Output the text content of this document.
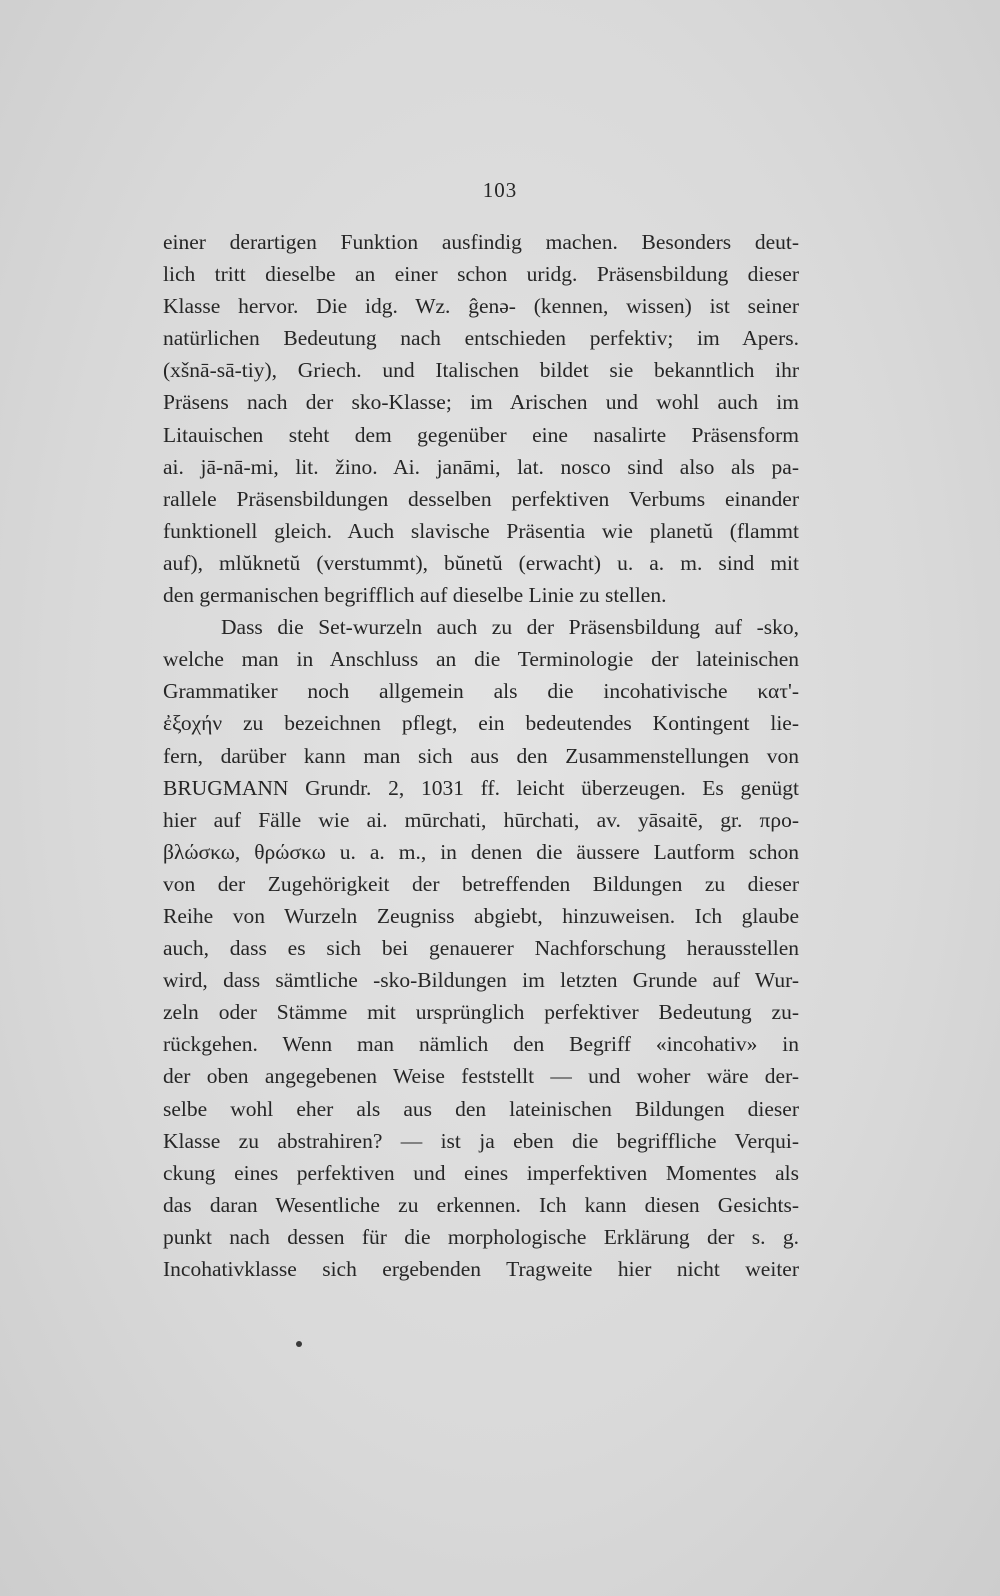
103
einer derartigen Funktion ausfindig machen. Besonders deut-
lich tritt dieselbe an einer schon uridg. Präsensbildung dieser
Klasse hervor. Die idg. Wz. ĝenə- (kennen, wissen) ist seiner
natürlichen Bedeutung nach entschieden perfektiv; im Apers.
(xšnā-sā-tiy), Griech. und Italischen bildet sie bekanntlich ihr
Präsens nach der sko-Klasse; im Arischen und wohl auch im
Litauischen steht dem gegenüber eine nasalirte Präsensform
ai. jā-nā-mi, lit. žino. Ai. janāmi, lat. nosco sind also als pa-
rallele Präsensbildungen desselben perfektiven Verbums einander
funktionell gleich. Auch slavische Präsentia wie planetŭ (flammt
auf), mlŭknetŭ (verstummt), bŭnetŭ (erwacht) u. a. m. sind mit
den germanischen begrifflich auf dieselbe Linie zu stellen.
Dass die Set-wurzeln auch zu der Präsensbildung auf -sko,
welche man in Anschluss an die Terminologie der lateinischen
Grammatiker noch allgemein als die incohativische κατ'-
ἐξοχήν zu bezeichnen pflegt, ein bedeutendes Kontingent lie-
fern, darüber kann man sich aus den Zusammenstellungen von
BRUGMANN Grundr. 2, 1031 ff. leicht überzeugen. Es genügt
hier auf Fälle wie ai. mūrchati, hūrchati, av. yāsaitē, gr. προ-
βλώσκω, θρώσκω u. a. m., in denen die äussere Lautform schon
von der Zugehörigkeit der betreffenden Bildungen zu dieser
Reihe von Wurzeln Zeugniss abgiebt, hinzuweisen. Ich glaube
auch, dass es sich bei genauerer Nachforschung herausstellen
wird, dass sämtliche -sko-Bildungen im letzten Grunde auf Wur-
zeln oder Stämme mit ursprünglich perfektiver Bedeutung zu-
rückgehen. Wenn man nämlich den Begriff «incohativ» in
der oben angegebenen Weise feststellt — und woher wäre der-
selbe wohl eher als aus den lateinischen Bildungen dieser
Klasse zu abstrahiren? — ist ja eben die begriffliche Verqui-
ckung eines perfektiven und eines imperfektiven Momentes als
das daran Wesentliche zu erkennen. Ich kann diesen Gesichts-
punkt nach dessen für die morphologische Erklärung der s. g.
Incohativklasse sich ergebenden Tragweite hier nicht weiter
